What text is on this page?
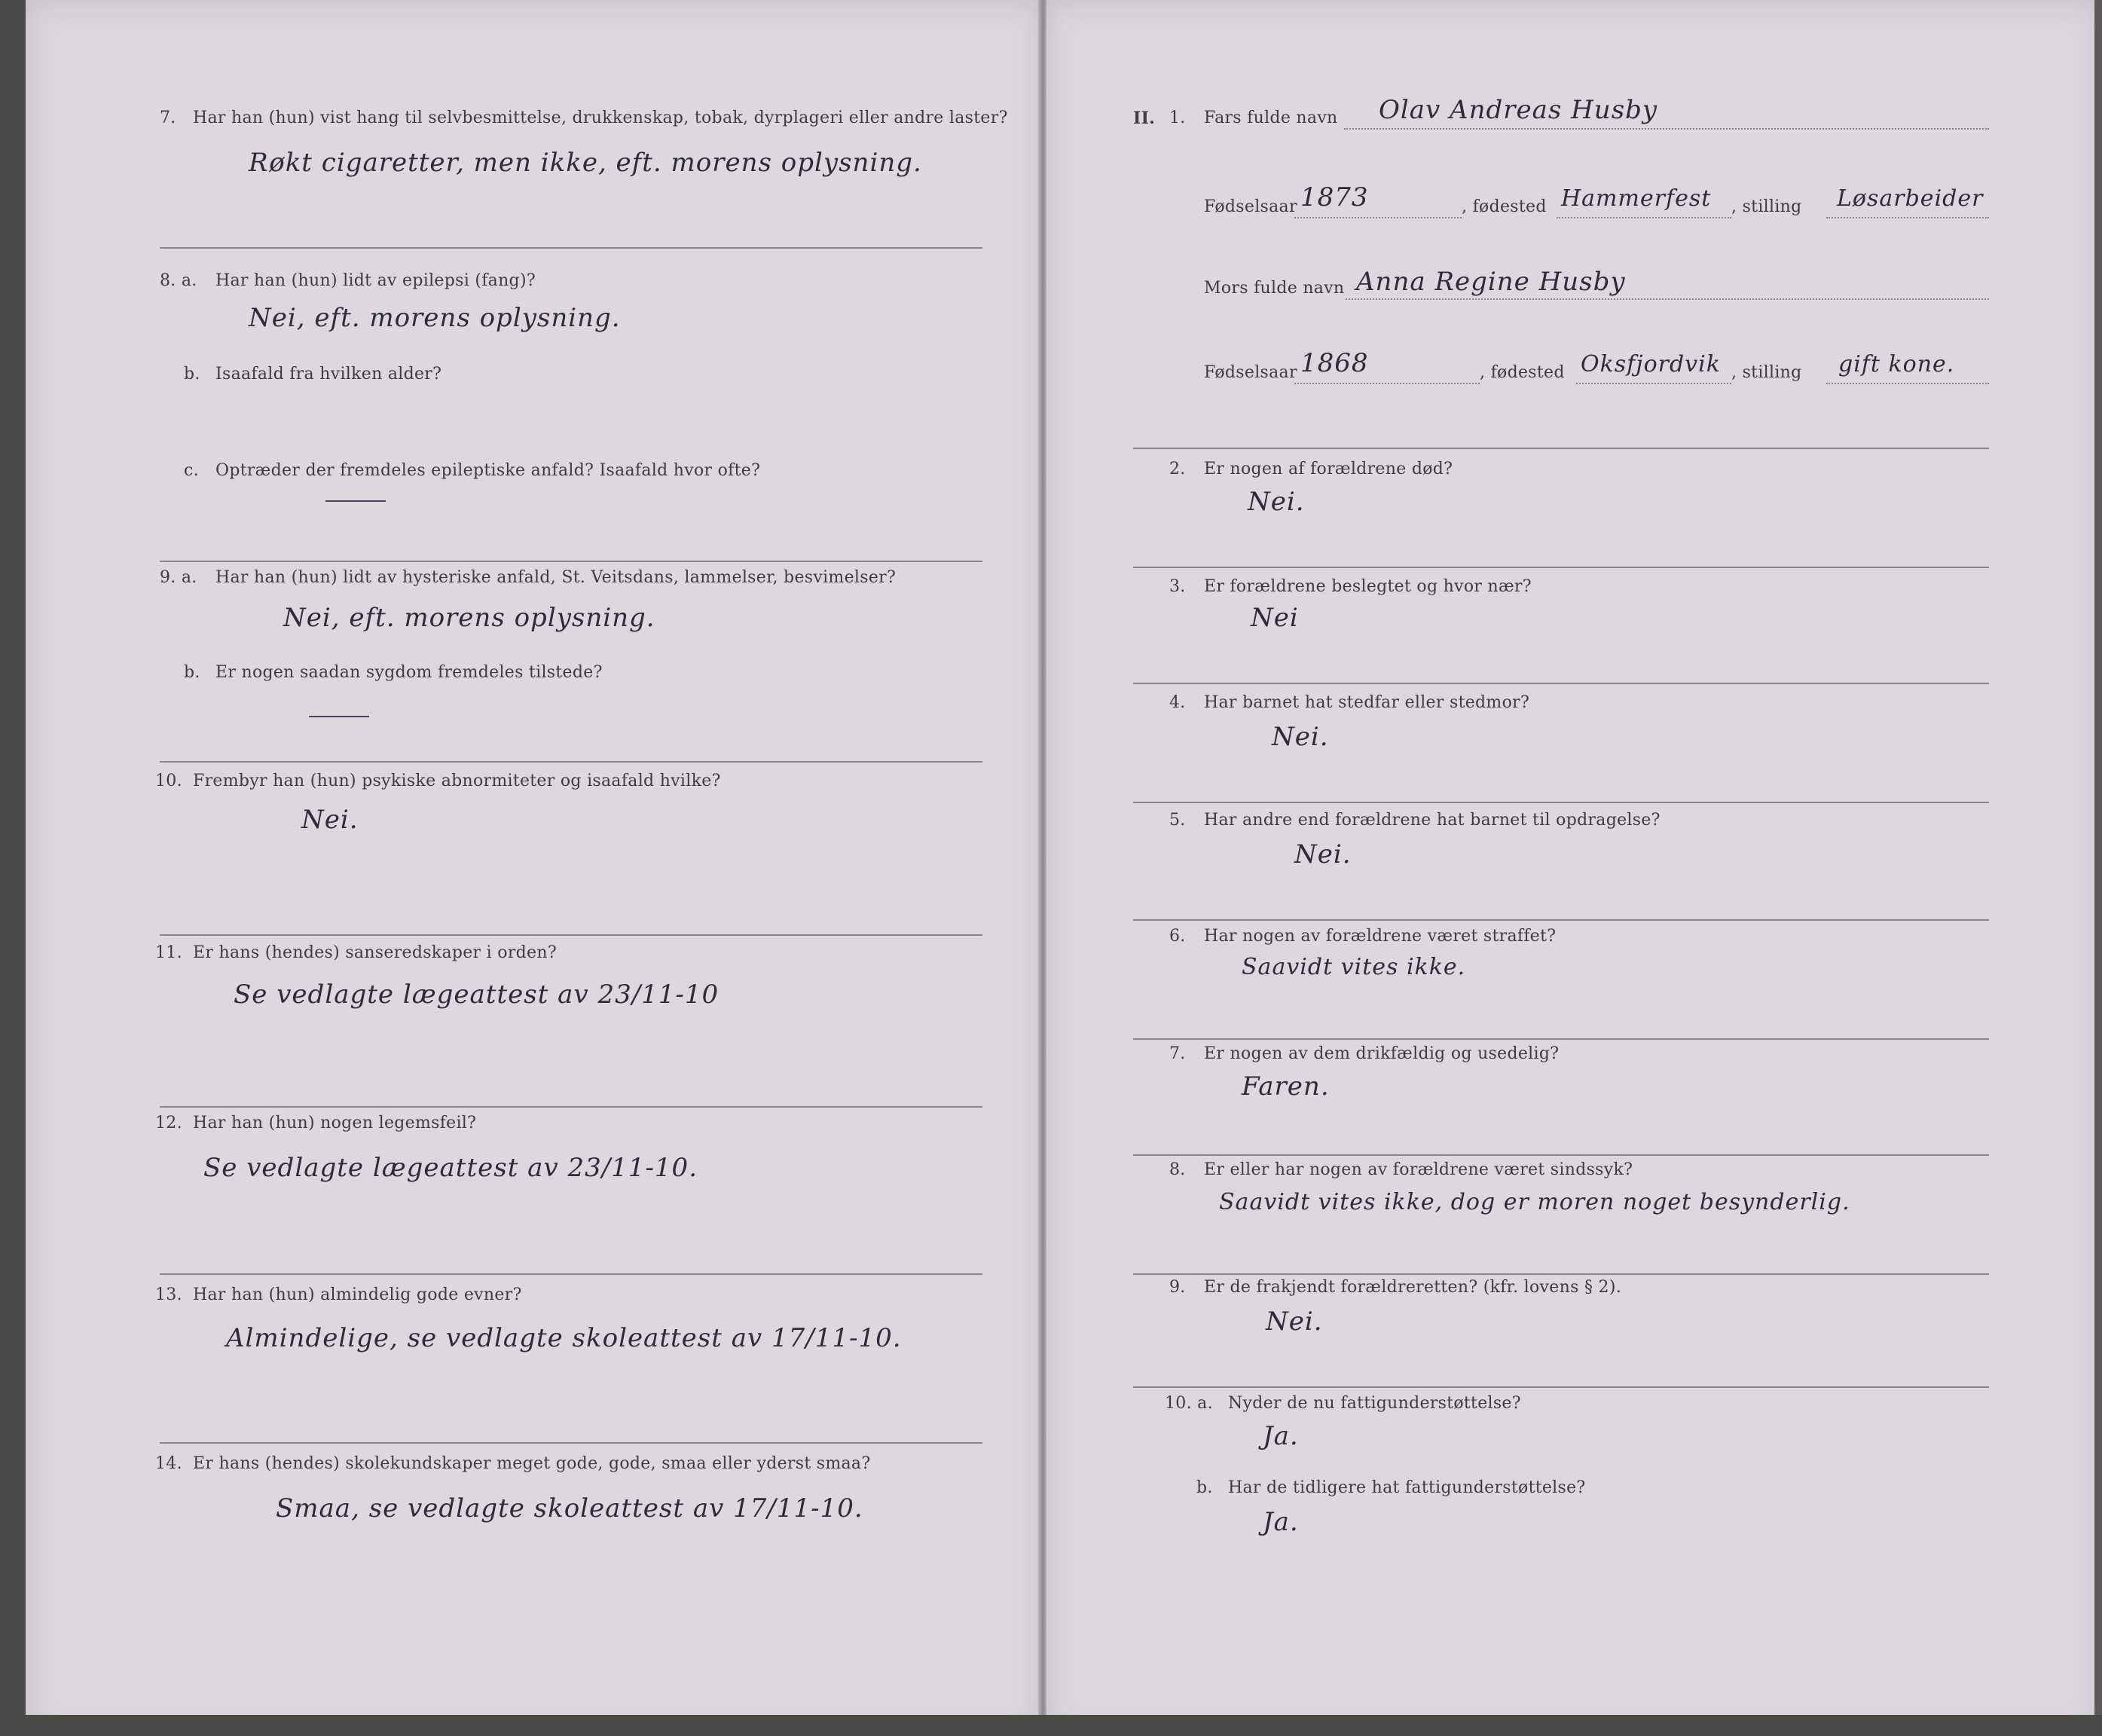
7. Har han (hun) vist hang til selvbesmittelse, drukkenskap, tobak, dyrplageri eller andre laster?

Røkt cigaretter, men ikke, eft. morens oplysning.

8. a. Har han (hun) lidt av epilepsi (fang)?

Nei, eft. morens oplysning.

b. Isaafald fra hvilken alder?

c. Optræder der fremdeles epileptiske anfald? Isaafald hvor ofte?

9. a. Har han (hun) lidt av hysteriske anfald, St. Veitsdans, lammelser, besvimelser?

Nei, eft. morens oplysning.

b. Er nogen saadan sygdom fremdeles tilstede?

10. Frembyr han (hun) psykiske abnormiteter og isaafald hvilke?

Nei.

11. Er hans (hendes) sanseredskaper i orden?

Se vedlagte lægeattest av 23/11-10

12. Har han (hun) nogen legemsfeil?

Se vedlagte lægeattest av 23/11-10.

13. Har han (hun) almindelig gode evner?

Almindelige, se vedlagte skoleattest av 17/11-10.

14. Er hans (hendes) skolekundskaper meget gode, gode, smaa eller yderst smaa?

Smaa, se vedlagte skoleattest av 17/11-10.

II. 1. Fars fulde navn Olav Andreas Husby

Fødselsaar 1873	, fødested Hammerfest , stilling Løsarbeider

Mors fulde navn Anna Regine Husby

Fødselsaar 1868	, fødested Oksfjordvik , stilling gift kone.

2. Er nogen af forældrene død?

Nei.

3. Er forældrene beslegtet og hvor nær?

Nei

4. Har barnet hat stedfar eller stedmor?

Nei.

5. Har andre end forældrene hat barnet til opdragelse?

Nei.

6. Har nogen av forældrene været straffet?

Saavidt vites ikke.

7. Er nogen av dem drikfældig og usedelig?

Faren.

8. Er eller har nogen av forældrene været sindssyk?

Saavidt vites ikke, dog er moren noget besynderlig.

9. Er de frakjendt forældreretten? (kfr. lovens § 2).

Nei.

10. a. Nyder de nu fattigunderstøttelse?

Ja.

b. Har de tidligere hat fattigunderstøttelse?

Ja.
